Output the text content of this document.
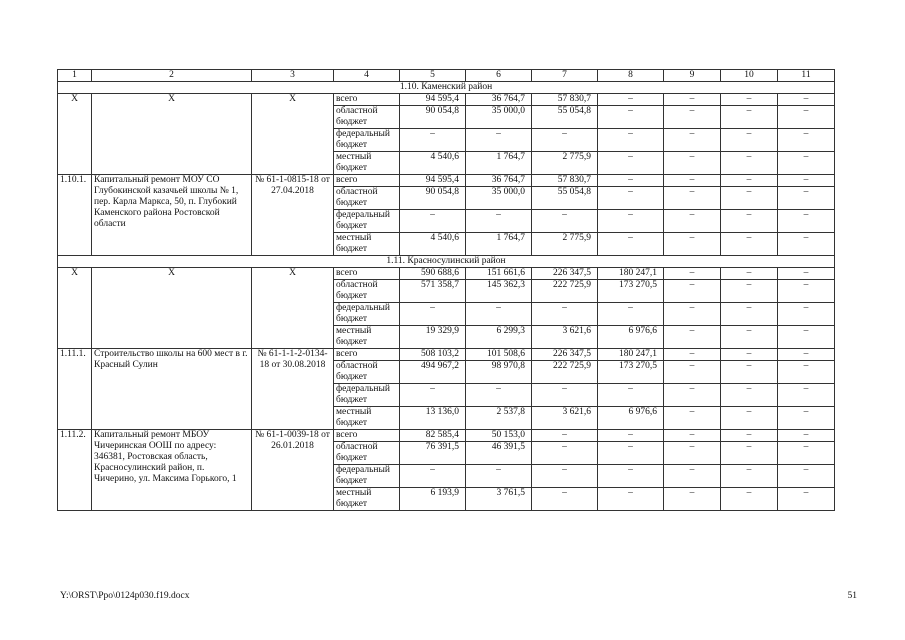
1	2	3	4	5	6	7	8	9	10	11
1.10. Каменский район										
X	X	X	всего	94 595,4	36 764,7	57 830,7	–	–	–	–
			областной бюджет	90 054,8	35 000,0	55 054,8	–	–	–	–
			федеральный бюджет	–	–	–	–	–	–	–
			местный бюджет	4 540,6	1 764,7	2 775,9	–	–	–	–
1.10.1.	Капитальный ремонт МОУ СО Глубокинской казачьей школы № 1, пер. Карла Маркса, 50, п. Глубокий Каменского района Ростовской области	№ 61-1-0815-18 от 27.04.2018	всего	94 595,4	36 764,7	57 830,7	–	–	–	–
			областной бюджет	90 054,8	35 000,0	55 054,8	–	–	–	–
			федеральный бюджет	–	–	–	–	–	–	–
			местный бюджет	4 540,6	1 764,7	2 775,9	–	–	–	–
1.11. Красносулинский район										
X	X	X	всего	590 688,6	151 661,6	226 347,5	180 247,1	–	–	–
			областной бюджет	571 358,7	145 362,3	222 725,9	173 270,5	–	–	–
			федеральный бюджет	–	–	–	–	–	–	–
			местный бюджет	19 329,9	6 299,3	3 621,6	6 976,6	–	–	–
1.11.1.	Строительство школы на 600 мест в г. Красный Сулин	№ 61-1-1-2-0134-18 от 30.08.2018	всего	508 103,2	101 508,6	226 347,5	180 247,1	–	–	–
			областной бюджет	494 967,2	98 970,8	222 725,9	173 270,5	–	–	–
			федеральный бюджет	–	–	–	–	–	–	–
			местный бюджет	13 136,0	2 537,8	3 621,6	6 976,6	–	–	–
1.11.2.	Капитальный ремонт МБОУ Чичеринская ООШ по адресу: 346381, Ростовская область, Красносулинский район, п. Чичерино, ул. Максима Горького, 1	№ 61-1-0039-18 от 26.01.2018	всего	82 585,4	50 153,0	–	–	–	–	–
			областной бюджет	76 391,5	46 391,5	–	–	–	–	–
			федеральный бюджет	–	–	–	–	–	–	–
			местный бюджет	6 193,9	3 761,5	–	–	–	–	–
Y:\ORST\Ppo\0124p030.f19.docx	51
